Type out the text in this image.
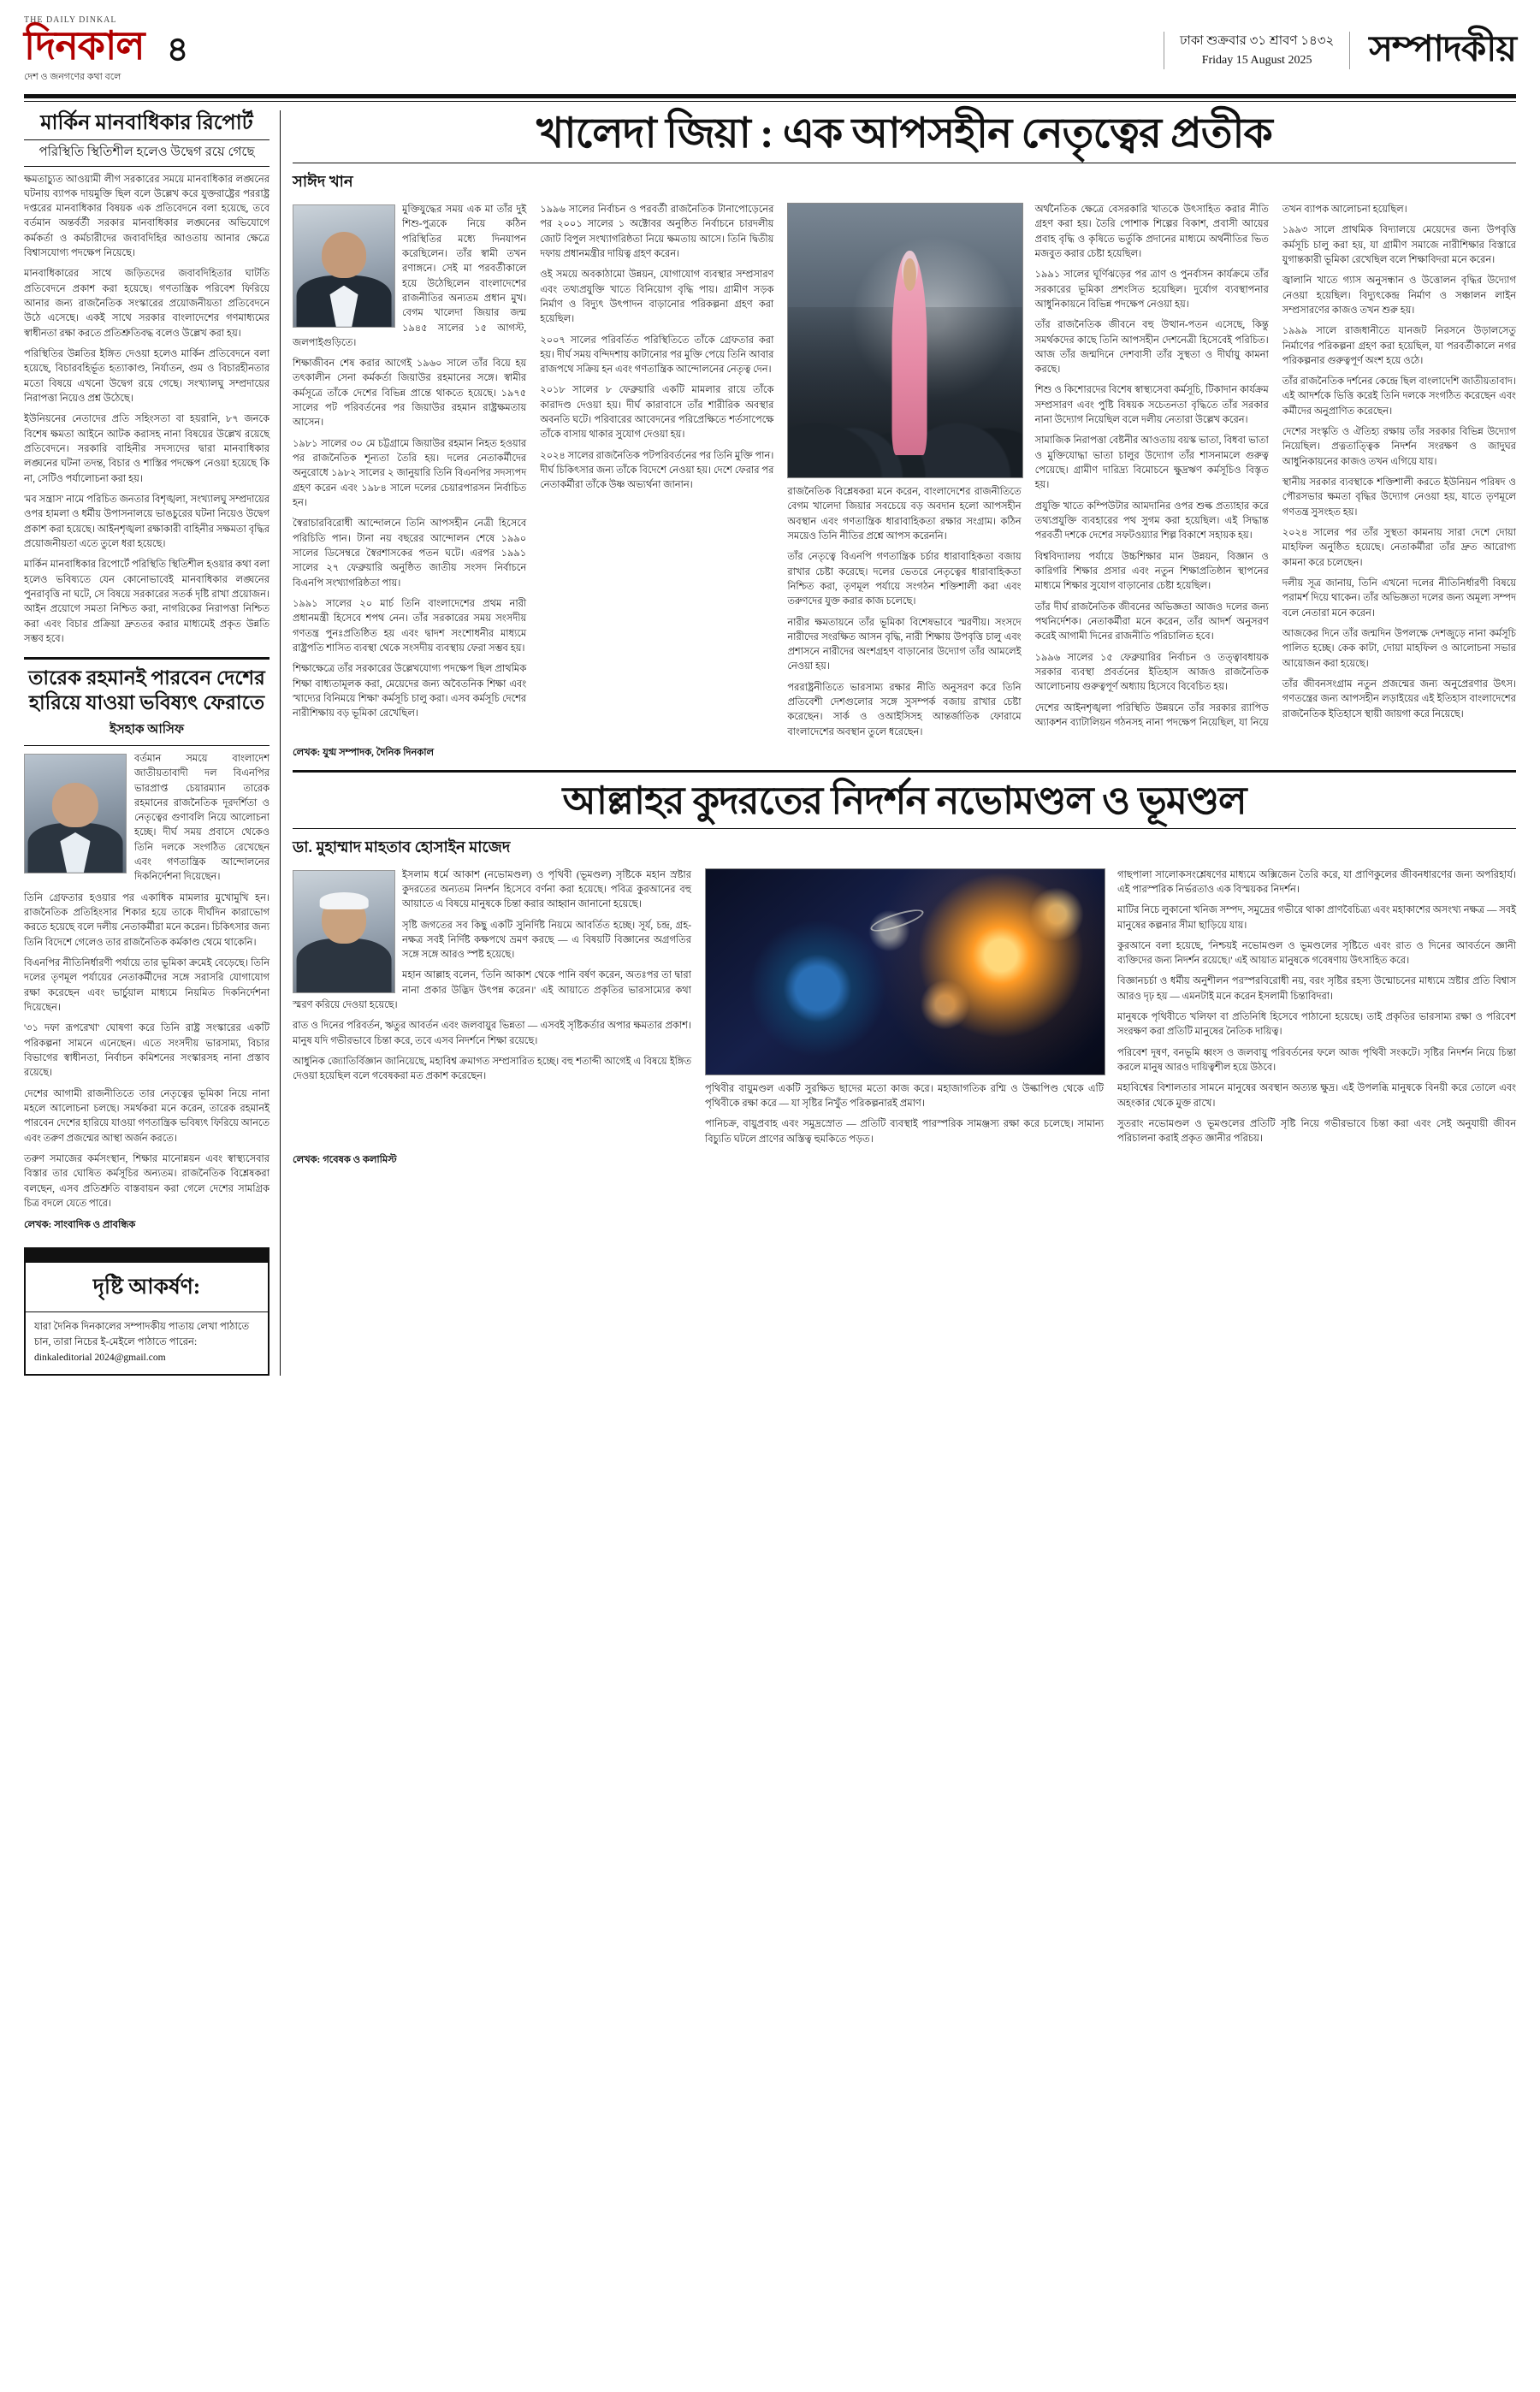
THE DAILY DINKAL
দিনকাল
দেশ ও জনগণের কথা বলে
৪	ঢাকা শুক্রবার ৩১ শ্রাবণ ১৪৩২
Friday 15 August 2025	সম্পাদকীয়
মার্কিন মানবাধিকার রিপোর্ট
পরিস্থিতি স্থিতিশীল হলেও উদ্বেগ রয়ে গেছে

ক্ষমতাচ্যুত আওয়ামী লীগ সরকারের সময়ে মানবাধিকার লঙ্ঘনের ঘটনায় ব্যাপক দায়মুক্তি ছিল বলে উল্লেখ করে যুক্তরাষ্ট্রের পররাষ্ট্র দপ্তরের মানবাধিকার বিষয়ক এক প্রতিবেদনে বলা হয়েছে, তবে বর্তমান অন্তর্বর্তী সরকার মানবাধিকার লঙ্ঘনের অভিযোগে কর্মকর্তা ও কর্মচারীদের জবাবদিহির আওতায় আনার ক্ষেত্রে বিশ্বাসযোগ্য পদক্ষেপ নিয়েছে।

মানবাধিকারের সাথে জড়িতদের জবাবদিহিতার ঘাটতি প্রতিবেদনে প্রকাশ করা হয়েছে। গণতান্ত্রিক পরিবেশ ফিরিয়ে আনার জন্য রাজনৈতিক সংস্কারের প্রয়োজনীয়তা প্রতিবেদনে উঠে এসেছে। একই সাথে সরকার বাংলাদেশের গণমাধ্যমের স্বাধীনতা রক্ষা করতে প্রতিশ্রুতিবদ্ধ বলেও উল্লেখ করা হয়।

পরিস্থিতির উন্নতির ইঙ্গিত দেওয়া হলেও মার্কিন প্রতিবেদনে বলা হয়েছে, বিচারবহির্ভূত হত্যাকাণ্ড, নির্যাতন, গুম ও বিচারহীনতার মতো বিষয়ে এখনো উদ্বেগ রয়ে গেছে। সংখ্যালঘু সম্প্রদায়ের নিরাপত্তা নিয়েও প্রশ্ন উঠেছে।

ইউনিয়নের নেতাদের প্রতি সহিংসতা বা হয়রানি, ৮৭ জনকে বিশেষ ক্ষমতা আইনে আটক করাসহ নানা বিষয়ের উল্লেখ রয়েছে প্রতিবেদনে। সরকারি বাহিনীর সদস্যদের দ্বারা মানবাধিকার লঙ্ঘনের ঘটনা তদন্ত, বিচার ও শাস্তির পদক্ষেপ নেওয়া হয়েছে কি না, সেটিও পর্যালোচনা করা হয়।

'মব সন্ত্রাস' নামে পরিচিত জনতার বিশৃঙ্খলা, সংখ্যালঘু সম্প্রদায়ের ওপর হামলা ও ধর্মীয় উপাসনালয়ে ভাঙচুরের ঘটনা নিয়েও উদ্বেগ প্রকাশ করা হয়েছে। আইনশৃঙ্খলা রক্ষাকারী বাহিনীর সক্ষমতা বৃদ্ধির প্রয়োজনীয়তা এতে তুলে ধরা হয়েছে।

মার্কিন মানবাধিকার রিপোর্টে পরিস্থিতি স্থিতিশীল হওয়ার কথা বলা হলেও ভবিষ্যতে যেন কোনোভাবেই মানবাধিকার লঙ্ঘনের পুনরাবৃত্তি না ঘটে, সে বিষয়ে সরকারের সতর্ক দৃষ্টি রাখা প্রয়োজন। আইন প্রয়োগে সমতা নিশ্চিত করা, নাগরিকের নিরাপত্তা নিশ্চিত করা এবং বিচার প্রক্রিয়া দ্রুততর করার মাধ্যমেই প্রকৃত উন্নতি সম্ভব হবে।

তারেক রহমানই পারবেন দেশের হারিয়ে যাওয়া ভবিষ্যৎ ফেরাতে
ইসহাক আসিফ

বর্তমান সময়ে বাংলাদেশ জাতীয়তাবাদী দল বিএনপির ভারপ্রাপ্ত চেয়ারম্যান তারেক রহমানের রাজনৈতিক দূরদর্শিতা ও নেতৃত্বের গুণাবলি নিয়ে আলোচনা হচ্ছে। দীর্ঘ সময় প্রবাসে থেকেও তিনি দলকে সংগঠিত রেখেছেন এবং গণতান্ত্রিক আন্দোলনের দিকনির্দেশনা দিয়েছেন।

তিনি গ্রেফতার হওয়ার পর একাধিক মামলার মুখোমুখি হন। রাজনৈতিক প্রতিহিংসার শিকার হয়ে তাকে দীর্ঘদিন কারাভোগ করতে হয়েছে বলে দলীয় নেতাকর্মীরা মনে করেন। চিকিৎসার জন্য তিনি বিদেশে গেলেও তার রাজনৈতিক কর্মকাণ্ড থেমে থাকেনি।

বিএনপির নীতিনির্ধারণী পর্যায়ে তার ভূমিকা ক্রমেই বেড়েছে। তিনি দলের তৃণমূল পর্যায়ের নেতাকর্মীদের সঙ্গে সরাসরি যোগাযোগ রক্ষা করেছেন এবং ভার্চুয়াল মাধ্যমে নিয়মিত দিকনির্দেশনা দিয়েছেন।

'৩১ দফা রূপরেখা' ঘোষণা করে তিনি রাষ্ট্র সংস্কারের একটি পরিকল্পনা সামনে এনেছেন। এতে সংসদীয় ভারসাম্য, বিচার বিভাগের স্বাধীনতা, নির্বাচন কমিশনের সংস্কারসহ নানা প্রস্তাব রয়েছে।

দেশের আগামী রাজনীতিতে তার নেতৃত্বের ভূমিকা নিয়ে নানা মহলে আলোচনা চলছে। সমর্থকরা মনে করেন, তারেক রহমানই পারবেন দেশের হারিয়ে যাওয়া গণতান্ত্রিক ভবিষ্যৎ ফিরিয়ে আনতে এবং তরুণ প্রজন্মের আস্থা অর্জন করতে।

তরুণ সমাজের কর্মসংস্থান, শিক্ষার মানোন্নয়ন এবং স্বাস্থ্যসেবার বিস্তার তার ঘোষিত কর্মসূচির অন্যতম। রাজনৈতিক বিশ্লেষকরা বলছেন, এসব প্রতিশ্রুতি বাস্তবায়ন করা গেলে দেশের সামগ্রিক চিত্র বদলে যেতে পারে।

লেখক: সাংবাদিক ও প্রাবন্ধিক
দৃষ্টি আকর্ষণ:
যারা দৈনিক দিনকালের সম্পাদকীয় পাতায় লেখা পাঠাতে চান, তারা নিচের ই-মেইলে পাঠাতে পারেন:
dinkaleditorial 2024@gmail.com
খালেদা জিয়া : এক আপসহীন নেতৃত্বের প্রতীক
সাঈদ খান

মুক্তিযুদ্ধের সময় এক মা তাঁর দুই শিশু-পুত্রকে নিয়ে কঠিন পরিস্থিতির মধ্যে দিনযাপন করেছিলেন। তাঁর স্বামী তখন রণাঙ্গনে। সেই মা পরবর্তীকালে হয়ে উঠেছিলেন বাংলাদেশের রাজনীতির অন্যতম প্রধান মুখ। বেগম খালেদা জিয়ার জন্ম ১৯৪৫ সালের ১৫ আগস্ট, জলপাইগুড়িতে।

শিক্ষাজীবন শেষ করার আগেই ১৯৬০ সালে তাঁর বিয়ে হয় তৎকালীন সেনা কর্মকর্তা জিয়াউর রহমানের সঙ্গে। স্বামীর কর্মসূত্রে তাঁকে দেশের বিভিন্ন প্রান্তে থাকতে হয়েছে। ১৯৭৫ সালের পট পরিবর্তনের পর জিয়াউর রহমান রাষ্ট্রক্ষমতায় আসেন।

১৯৮১ সালের ৩০ মে চট্টগ্রামে জিয়াউর রহমান নিহত হওয়ার পর রাজনৈতিক শূন্যতা তৈরি হয়। দলের নেতাকর্মীদের অনুরোধে ১৯৮২ সালের ২ জানুয়ারি তিনি বিএনপির সদস্যপদ গ্রহণ করেন এবং ১৯৮৪ সালে দলের চেয়ারপারসন নির্বাচিত হন।

স্বৈরাচারবিরোধী আন্দোলনে তিনি আপসহীন নেত্রী হিসেবে পরিচিতি পান। টানা নয় বছরের আন্দোলন শেষে ১৯৯০ সালের ডিসেম্বরে স্বৈরশাসকের পতন ঘটে। এরপর ১৯৯১ সালের ২৭ ফেব্রুয়ারি অনুষ্ঠিত জাতীয় সংসদ নির্বাচনে বিএনপি সংখ্যাগরিষ্ঠতা পায়।

১৯৯১ সালের ২০ মার্চ তিনি বাংলাদেশের প্রথম নারী প্রধানমন্ত্রী হিসেবে শপথ নেন। তাঁর সরকারের সময় সংসদীয় গণতন্ত্র পুনঃপ্রতিষ্ঠিত হয় এবং দ্বাদশ সংশোধনীর মাধ্যমে রাষ্ট্রপতি শাসিত ব্যবস্থা থেকে সংসদীয় ব্যবস্থায় ফেরা সম্ভব হয়।

শিক্ষাক্ষেত্রে তাঁর সরকারের উল্লেখযোগ্য পদক্ষেপ ছিল প্রাথমিক শিক্ষা বাধ্যতামূলক করা, মেয়েদের জন্য অবৈতনিক শিক্ষা এবং 'খাদ্যের বিনিময়ে শিক্ষা' কর্মসূচি চালু করা। এসব কর্মসূচি দেশের নারীশিক্ষায় বড় ভূমিকা রেখেছিল।

১৯৯৬ সালের নির্বাচন ও পরবর্তী রাজনৈতিক টানাপোড়েনের পর ২০০১ সালের ১ অক্টোবর অনুষ্ঠিত নির্বাচনে চারদলীয় জোট বিপুল সংখ্যাগরিষ্ঠতা নিয়ে ক্ষমতায় আসে। তিনি দ্বিতীয় দফায় প্রধানমন্ত্রীর দায়িত্ব গ্রহণ করেন।

ওই সময়ে অবকাঠামো উন্নয়ন, যোগাযোগ ব্যবস্থার সম্প্রসারণ এবং তথ্যপ্রযুক্তি খাতে বিনিয়োগ বৃদ্ধি পায়। গ্রামীণ সড়ক নির্মাণ ও বিদ্যুৎ উৎপাদন বাড়ানোর পরিকল্পনা গ্রহণ করা হয়েছিল।

২০০৭ সালের পরিবর্তিত পরিস্থিতিতে তাঁকে গ্রেফতার করা হয়। দীর্ঘ সময় বন্দিদশায় কাটানোর পর মুক্তি পেয়ে তিনি আবার রাজপথে সক্রিয় হন এবং গণতান্ত্রিক আন্দোলনের নেতৃত্ব দেন।

২০১৮ সালের ৮ ফেব্রুয়ারি একটি মামলার রায়ে তাঁকে কারাদণ্ড দেওয়া হয়। দীর্ঘ কারাবাসে তাঁর শারীরিক অবস্থার অবনতি ঘটে। পরিবারের আবেদনের পরিপ্রেক্ষিতে শর্তসাপেক্ষে তাঁকে বাসায় থাকার সুযোগ দেওয়া হয়।

২০২৪ সালের রাজনৈতিক পটপরিবর্তনের পর তিনি মুক্তি পান। দীর্ঘ চিকিৎসার জন্য তাঁকে বিদেশে নেওয়া হয়। দেশে ফেরার পর নেতাকর্মীরা তাঁকে উষ্ণ অভ্যর্থনা জানান।

রাজনৈতিক বিশ্লেষকরা মনে করেন, বাংলাদেশের রাজনীতিতে বেগম খালেদা জিয়ার সবচেয়ে বড় অবদান হলো আপসহীন অবস্থান এবং গণতান্ত্রিক ধারাবাহিকতা রক্ষার সংগ্রাম। কঠিন সময়েও তিনি নীতির প্রশ্নে আপস করেননি।

তাঁর নেতৃত্বে বিএনপি গণতান্ত্রিক চর্চার ধারাবাহিকতা বজায় রাখার চেষ্টা করেছে। দলের ভেতরে নেতৃত্বের ধারাবাহিকতা নিশ্চিত করা, তৃণমূল পর্যায়ে সংগঠন শক্তিশালী করা এবং তরুণদের যুক্ত করার কাজ চলেছে।

নারীর ক্ষমতায়নে তাঁর ভূমিকা বিশেষভাবে স্মরণীয়। সংসদে নারীদের সংরক্ষিত আসন বৃদ্ধি, নারী শিক্ষায় উপবৃত্তি চালু এবং প্রশাসনে নারীদের অংশগ্রহণ বাড়ানোর উদ্যোগ তাঁর আমলেই নেওয়া হয়।

পররাষ্ট্রনীতিতে ভারসাম্য রক্ষার নীতি অনুসরণ করে তিনি প্রতিবেশী দেশগুলোর সঙ্গে সুসম্পর্ক বজায় রাখার চেষ্টা করেছেন। সার্ক ও ওআইসিসহ আন্তর্জাতিক ফোরামে বাংলাদেশের অবস্থান তুলে ধরেছেন।

অর্থনৈতিক ক্ষেত্রে বেসরকারি খাতকে উৎসাহিত করার নীতি গ্রহণ করা হয়। তৈরি পোশাক শিল্পের বিকাশ, প্রবাসী আয়ের প্রবাহ বৃদ্ধি ও কৃষিতে ভর্তুকি প্রদানের মাধ্যমে অর্থনীতির ভিত মজবুত করার চেষ্টা হয়েছিল।

১৯৯১ সালের ঘূর্ণিঝড়ের পর ত্রাণ ও পুনর্বাসন কার্যক্রমে তাঁর সরকারের ভূমিকা প্রশংসিত হয়েছিল। দুর্যোগ ব্যবস্থাপনার আধুনিকায়নে বিভিন্ন পদক্ষেপ নেওয়া হয়।

তাঁর রাজনৈতিক জীবনে বহু উত্থান-পতন এসেছে, কিন্তু সমর্থকদের কাছে তিনি আপসহীন দেশনেত্রী হিসেবেই পরিচিত। আজ তাঁর জন্মদিনে দেশবাসী তাঁর সুস্থতা ও দীর্ঘায়ু কামনা করছে।

শিশু ও কিশোরদের বিশেষ স্বাস্থ্যসেবা কর্মসূচি, টিকাদান কার্যক্রম সম্প্রসারণ এবং পুষ্টি বিষয়ক সচেতনতা বৃদ্ধিতে তাঁর সরকার নানা উদ্যোগ নিয়েছিল বলে দলীয় নেতারা উল্লেখ করেন।

সামাজিক নিরাপত্তা বেষ্টনীর আওতায় বয়স্ক ভাতা, বিধবা ভাতা ও মুক্তিযোদ্ধা ভাতা চালুর উদ্যোগ তাঁর শাসনামলে গুরুত্ব পেয়েছে। গ্রামীণ দারিদ্র্য বিমোচনে ক্ষুদ্রঋণ কর্মসূচিও বিস্তৃত হয়।

প্রযুক্তি খাতে কম্পিউটার আমদানির ওপর শুল্ক প্রত্যাহার করে তথ্যপ্রযুক্তি ব্যবহারের পথ সুগম করা হয়েছিল। এই সিদ্ধান্ত পরবর্তী দশকে দেশের সফটওয়্যার শিল্প বিকাশে সহায়ক হয়।

বিশ্ববিদ্যালয় পর্যায়ে উচ্চশিক্ষার মান উন্নয়ন, বিজ্ঞান ও কারিগরি শিক্ষার প্রসার এবং নতুন শিক্ষাপ্রতিষ্ঠান স্থাপনের মাধ্যমে শিক্ষার সুযোগ বাড়ানোর চেষ্টা হয়েছিল।

তাঁর দীর্ঘ রাজনৈতিক জীবনের অভিজ্ঞতা আজও দলের জন্য পথনির্দেশক। নেতাকর্মীরা মনে করেন, তাঁর আদর্শ অনুসরণ করেই আগামী দিনের রাজনীতি পরিচালিত হবে।

১৯৯৬ সালের ১৫ ফেব্রুয়ারির নির্বাচন ও তত্ত্বাবধায়ক সরকার ব্যবস্থা প্রবর্তনের ইতিহাস আজও রাজনৈতিক আলোচনায় গুরুত্বপূর্ণ অধ্যায় হিসেবে বিবেচিত হয়।

দেশের আইনশৃঙ্খলা পরিস্থিতি উন্নয়নে তাঁর সরকার র‌্যাপিড অ্যাকশন ব্যাটালিয়ন গঠনসহ নানা পদক্ষেপ নিয়েছিল, যা নিয়ে তখন ব্যাপক আলোচনা হয়েছিল।

১৯৯৩ সালে প্রাথমিক বিদ্যালয়ে মেয়েদের জন্য উপবৃত্তি কর্মসূচি চালু করা হয়, যা গ্রামীণ সমাজে নারীশিক্ষার বিস্তারে যুগান্তকারী ভূমিকা রেখেছিল বলে শিক্ষাবিদরা মনে করেন।

জ্বালানি খাতে গ্যাস অনুসন্ধান ও উত্তোলন বৃদ্ধির উদ্যোগ নেওয়া হয়েছিল। বিদ্যুৎকেন্দ্র নির্মাণ ও সঞ্চালন লাইন সম্প্রসারণের কাজও তখন শুরু হয়।

১৯৯৯ সালে রাজধানীতে যানজট নিরসনে উড়ালসেতু নির্মাণের পরিকল্পনা গ্রহণ করা হয়েছিল, যা পরবর্তীকালে নগর পরিকল্পনার গুরুত্বপূর্ণ অংশ হয়ে ওঠে।

তাঁর রাজনৈতিক দর্শনের কেন্দ্রে ছিল বাংলাদেশি জাতীয়তাবাদ। এই আদর্শকে ভিত্তি করেই তিনি দলকে সংগঠিত করেছেন এবং কর্মীদের অনুপ্রাণিত করেছেন।

দেশের সংস্কৃতি ও ঐতিহ্য রক্ষায় তাঁর সরকার বিভিন্ন উদ্যোগ নিয়েছিল। প্রত্নতাত্ত্বিক নিদর্শন সংরক্ষণ ও জাদুঘর আধুনিকায়নের কাজও তখন এগিয়ে যায়।

স্থানীয় সরকার ব্যবস্থাকে শক্তিশালী করতে ইউনিয়ন পরিষদ ও পৌরসভার ক্ষমতা বৃদ্ধির উদ্যোগ নেওয়া হয়, যাতে তৃণমূলে গণতন্ত্র সুসংহত হয়।

২০২৪ সালের পর তাঁর সুস্থতা কামনায় সারা দেশে দোয়া মাহফিল অনুষ্ঠিত হয়েছে। নেতাকর্মীরা তাঁর দ্রুত আরোগ্য কামনা করে চলেছেন।

দলীয় সূত্র জানায়, তিনি এখনো দলের নীতিনির্ধারণী বিষয়ে পরামর্শ দিয়ে থাকেন। তাঁর অভিজ্ঞতা দলের জন্য অমূল্য সম্পদ বলে নেতারা মনে করেন।

আজকের দিনে তাঁর জন্মদিন উপলক্ষে দেশজুড়ে নানা কর্মসূচি পালিত হচ্ছে। কেক কাটা, দোয়া মাহফিল ও আলোচনা সভার আয়োজন করা হয়েছে।

তাঁর জীবনসংগ্রাম নতুন প্রজন্মের জন্য অনুপ্রেরণার উৎস। গণতন্ত্রের জন্য আপসহীন লড়াইয়ের এই ইতিহাস বাংলাদেশের রাজনৈতিক ইতিহাসে স্থায়ী জায়গা করে নিয়েছে।

লেখক: যুগ্ম সম্পাদক, দৈনিক দিনকাল
আল্লাহর কুদরতের নিদর্শন নভোমণ্ডল ও ভূমণ্ডল
ডা. মুহাম্মাদ মাহতাব হোসাইন মাজেদ

ইসলাম ধর্মে আকাশ (নভোমণ্ডল) ও পৃথিবী (ভূমণ্ডল) সৃষ্টিকে মহান স্রষ্টার কুদরতের অন্যতম নিদর্শন হিসেবে বর্ণনা করা হয়েছে। পবিত্র কুরআনের বহু আয়াতে এ বিষয়ে মানুষকে চিন্তা করার আহ্বান জানানো হয়েছে।

সৃষ্টি জগতের সব কিছু একটি সুনির্দিষ্ট নিয়মে আবর্তিত হচ্ছে। সূর্য, চন্দ্র, গ্রহ-নক্ষত্র সবই নির্দিষ্ট কক্ষপথে ভ্রমণ করছে — এ বিষয়টি বিজ্ঞানের অগ্রগতির সঙ্গে সঙ্গে আরও স্পষ্ট হয়েছে।

মহান আল্লাহ বলেন, 'তিনি আকাশ থেকে পানি বর্ষণ করেন, অতঃপর তা দ্বারা নানা প্রকার উদ্ভিদ উৎপন্ন করেন।' এই আয়াতে প্রকৃতির ভারসাম্যের কথা স্মরণ করিয়ে দেওয়া হয়েছে।

রাত ও দিনের পরিবর্তন, ঋতুর আবর্তন এবং জলবায়ুর ভিন্নতা — এসবই সৃষ্টিকর্তার অপার ক্ষমতার প্রকাশ। মানুষ যদি গভীরভাবে চিন্তা করে, তবে এসব নিদর্শনে শিক্ষা রয়েছে।

আধুনিক জ্যোতির্বিজ্ঞান জানিয়েছে, মহাবিশ্ব ক্রমাগত সম্প্রসারিত হচ্ছে। বহু শতাব্দী আগেই এ বিষয়ে ইঙ্গিত দেওয়া হয়েছিল বলে গবেষকরা মত প্রকাশ করেছেন।

পৃথিবীর বায়ুমণ্ডল একটি সুরক্ষিত ছাদের মতো কাজ করে। মহাজাগতিক রশ্মি ও উল্কাপিণ্ড থেকে এটি পৃথিবীকে রক্ষা করে — যা সৃষ্টির নিখুঁত পরিকল্পনারই প্রমাণ।

পানিচক্র, বায়ুপ্রবাহ এবং সমুদ্রস্রোত — প্রতিটি ব্যবস্থাই পারস্পরিক সামঞ্জস্য রক্ষা করে চলেছে। সামান্য বিচ্যুতি ঘটলে প্রাণের অস্তিত্ব হুমকিতে পড়ত।

গাছপালা সালোকসংশ্লেষণের মাধ্যমে অক্সিজেন তৈরি করে, যা প্রাণিকুলের জীবনধারণের জন্য অপরিহার্য। এই পারস্পরিক নির্ভরতাও এক বিস্ময়কর নিদর্শন।

মাটির নিচে লুকানো খনিজ সম্পদ, সমুদ্রের গভীরে থাকা প্রাণবৈচিত্র্য এবং মহাকাশের অসংখ্য নক্ষত্র — সবই মানুষের কল্পনার সীমা ছাড়িয়ে যায়।

কুরআনে বলা হয়েছে, 'নিশ্চয়ই নভোমণ্ডল ও ভূমণ্ডলের সৃষ্টিতে এবং রাত ও দিনের আবর্তনে জ্ঞানী ব্যক্তিদের জন্য নিদর্শন রয়েছে।' এই আয়াত মানুষকে গবেষণায় উৎসাহিত করে।

বিজ্ঞানচর্চা ও ধর্মীয় অনুশীলন পরস্পরবিরোধী নয়, বরং সৃষ্টির রহস্য উন্মোচনের মাধ্যমে স্রষ্টার প্রতি বিশ্বাস আরও দৃঢ় হয় — এমনটাই মনে করেন ইসলামী চিন্তাবিদরা।

মানুষকে পৃথিবীতে খলিফা বা প্রতিনিধি হিসেবে পাঠানো হয়েছে। তাই প্রকৃতির ভারসাম্য রক্ষা ও পরিবেশ সংরক্ষণ করা প্রতিটি মানুষের নৈতিক দায়িত্ব।

পরিবেশ দূষণ, বনভূমি ধ্বংস ও জলবায়ু পরিবর্তনের ফলে আজ পৃথিবী সংকটে। সৃষ্টির নিদর্শন নিয়ে চিন্তা করলে মানুষ আরও দায়িত্বশীল হয়ে উঠবে।

মহাবিশ্বের বিশালতার সামনে মানুষের অবস্থান অত্যন্ত ক্ষুদ্র। এই উপলব্ধি মানুষকে বিনয়ী করে তোলে এবং অহংকার থেকে মুক্ত রাখে।

সুতরাং নভোমণ্ডল ও ভূমণ্ডলের প্রতিটি সৃষ্টি নিয়ে গভীরভাবে চিন্তা করা এবং সেই অনুযায়ী জীবন পরিচালনা করাই প্রকৃত জ্ঞানীর পরিচয়।

লেখক: গবেষক ও কলামিস্ট
